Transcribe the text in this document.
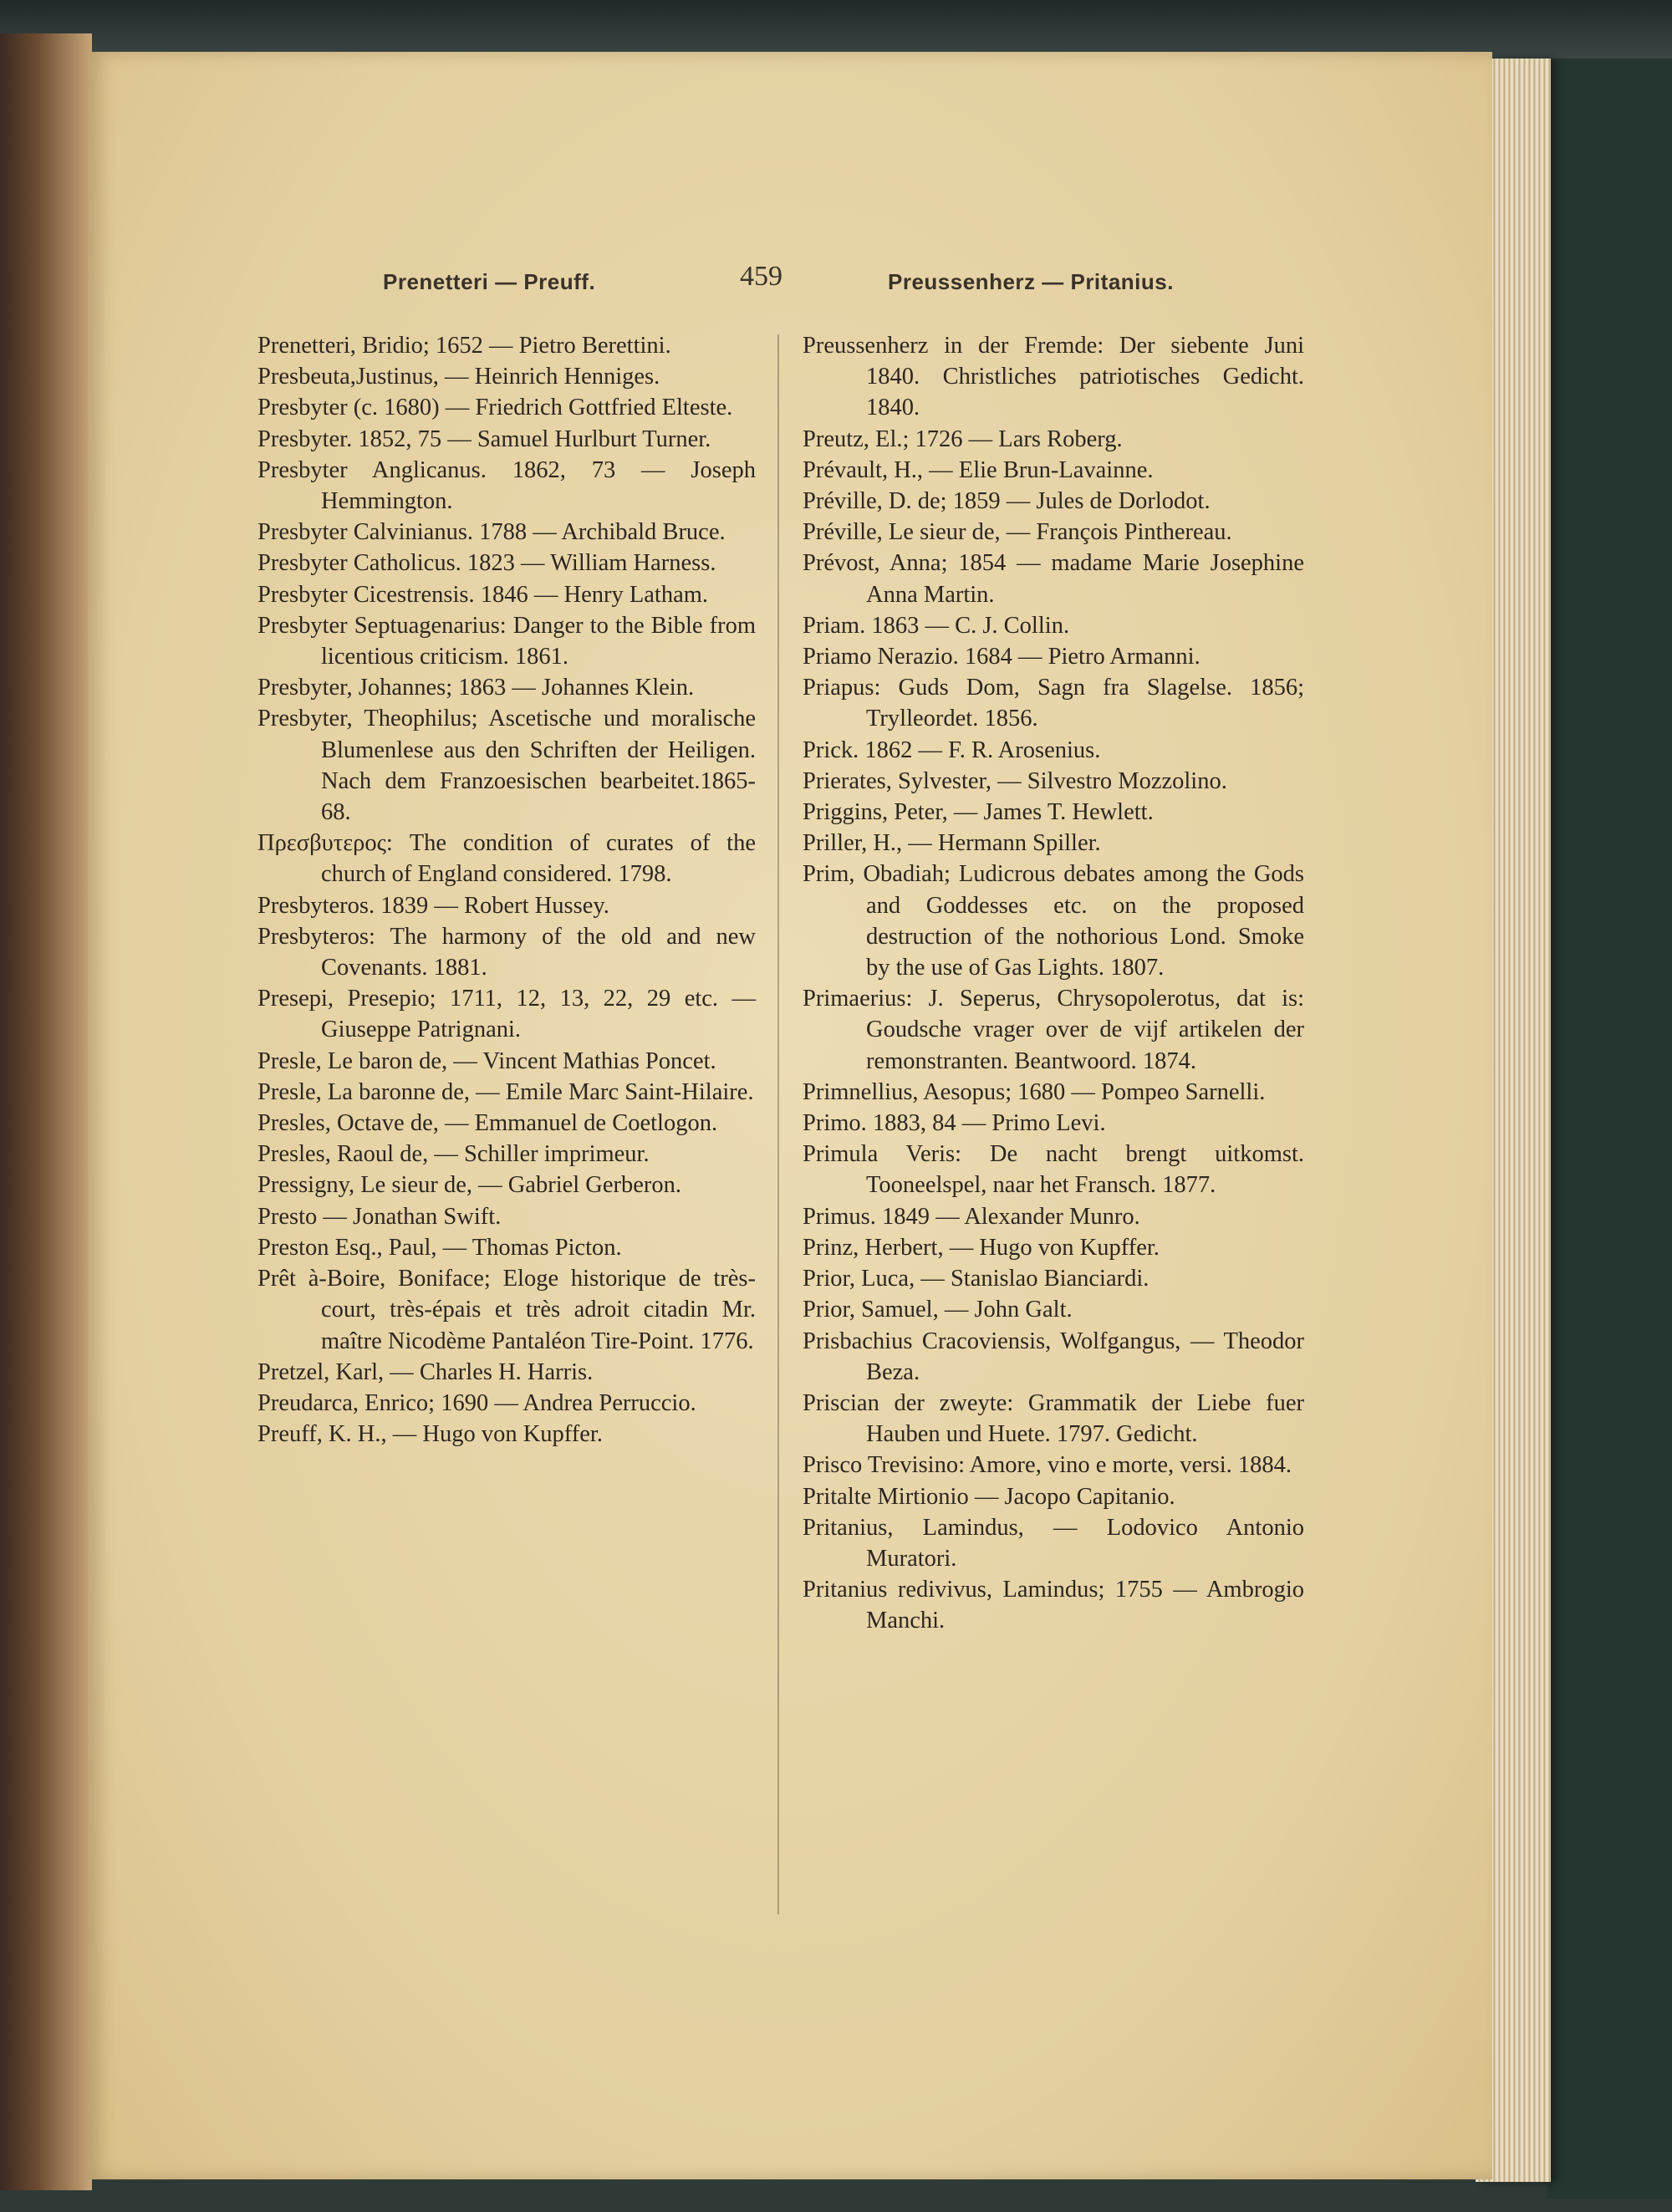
Prenetteri — Preuff.	459	Preussenherz — Pritanius.

Prenetteri, Bridio; 1652 — Pietro Berettini.

Presbeuta,Justinus, — Heinrich Henniges.

Presbyter (c. 1680) — Friedrich Gottfried Elteste.

Presbyter. 1852, 75 — Samuel Hurlburt Turner.

Presbyter Anglicanus. 1862, 73 — Joseph Hemmington.

Presbyter Calvinianus. 1788 — Archibald Bruce.

Presbyter Catholicus. 1823 — William Harness.

Presbyter Cicestrensis. 1846 — Henry Latham.

Presbyter Septuagenarius: Danger to the Bible from licentious criticism. 1861.

Presbyter, Johannes; 1863 — Johannes Klein.

Presbyter, Theophilus; Ascetische und moralische Blumenlese aus den Schriften der Heiligen. Nach dem Franzoesischen bearbeitet.1865-68.

Πρεσβυτερος: The condition of curates of the church of England considered. 1798.

Presbyteros. 1839 — Robert Hussey.

Presbyteros: The harmony of the old and new Covenants. 1881.

Presepi, Presepio; 1711, 12, 13, 22, 29 etc. — Giuseppe Patrignani.

Presle, Le baron de, — Vincent Mathias Poncet.

Presle, La baronne de, — Emile Marc Saint-Hilaire.

Presles, Octave de, — Emmanuel de Coetlogon.

Presles, Raoul de, — Schiller imprimeur.

Pressigny, Le sieur de, — Gabriel Gerberon.

Presto — Jonathan Swift.

Preston Esq., Paul, — Thomas Picton.

Prêt à-Boire, Boniface; Eloge historique de très-court, très-épais et très adroit citadin Mr. maître Nicodème Pantaléon Tire-Point. 1776.

Pretzel, Karl, — Charles H. Harris.

Preudarca, Enrico; 1690 — Andrea Perruccio.

Preuff, K. H., — Hugo von Kupffer.

Preussenherz in der Fremde: Der siebente Juni 1840. Christliches patriotisches Gedicht. 1840.

Preutz, El.; 1726 — Lars Roberg.

Prévault, H., — Elie Brun-Lavainne.

Préville, D. de; 1859 — Jules de Dorlodot.

Préville, Le sieur de, — François Pinthereau.

Prévost, Anna; 1854 — madame Marie Josephine Anna Martin.

Priam. 1863 — C. J. Collin.

Priamo Nerazio. 1684 — Pietro Armanni.

Priapus: Guds Dom, Sagn fra Slagelse. 1856; Trylleordet. 1856.

Prick. 1862 — F. R. Arosenius.

Prierates, Sylvester, — Silvestro Mozzolino.

Priggins, Peter, — James T. Hewlett.

Priller, H., — Hermann Spiller.

Prim, Obadiah; Ludicrous debates among the Gods and Goddesses etc. on the proposed destruction of the nothorious Lond. Smoke by the use of Gas Lights. 1807.

Primaerius: J. Seperus, Chrysopolerotus, dat is: Goudsche vrager over de vijf artikelen der remonstranten. Beantwoord. 1874.

Primnellius, Aesopus; 1680 — Pompeo Sarnelli.

Primo. 1883, 84 — Primo Levi.

Primula Veris: De nacht brengt uitkomst. Tooneelspel, naar het Fransch. 1877.

Primus. 1849 — Alexander Munro.

Prinz, Herbert, — Hugo von Kupffer.

Prior, Luca, — Stanislao Bianciardi.

Prior, Samuel, — John Galt.

Prisbachius Cracoviensis, Wolfgangus, — Theodor Beza.

Priscian der zweyte: Grammatik der Liebe fuer Hauben und Huete. 1797. Gedicht.

Prisco Trevisino: Amore, vino e morte, versi. 1884.

Pritalte Mirtionio — Jacopo Capitanio.

Pritanius, Lamindus, — Lodovico Antonio Muratori.

Pritanius redivivus, Lamindus; 1755 — Ambrogio Manchi.
